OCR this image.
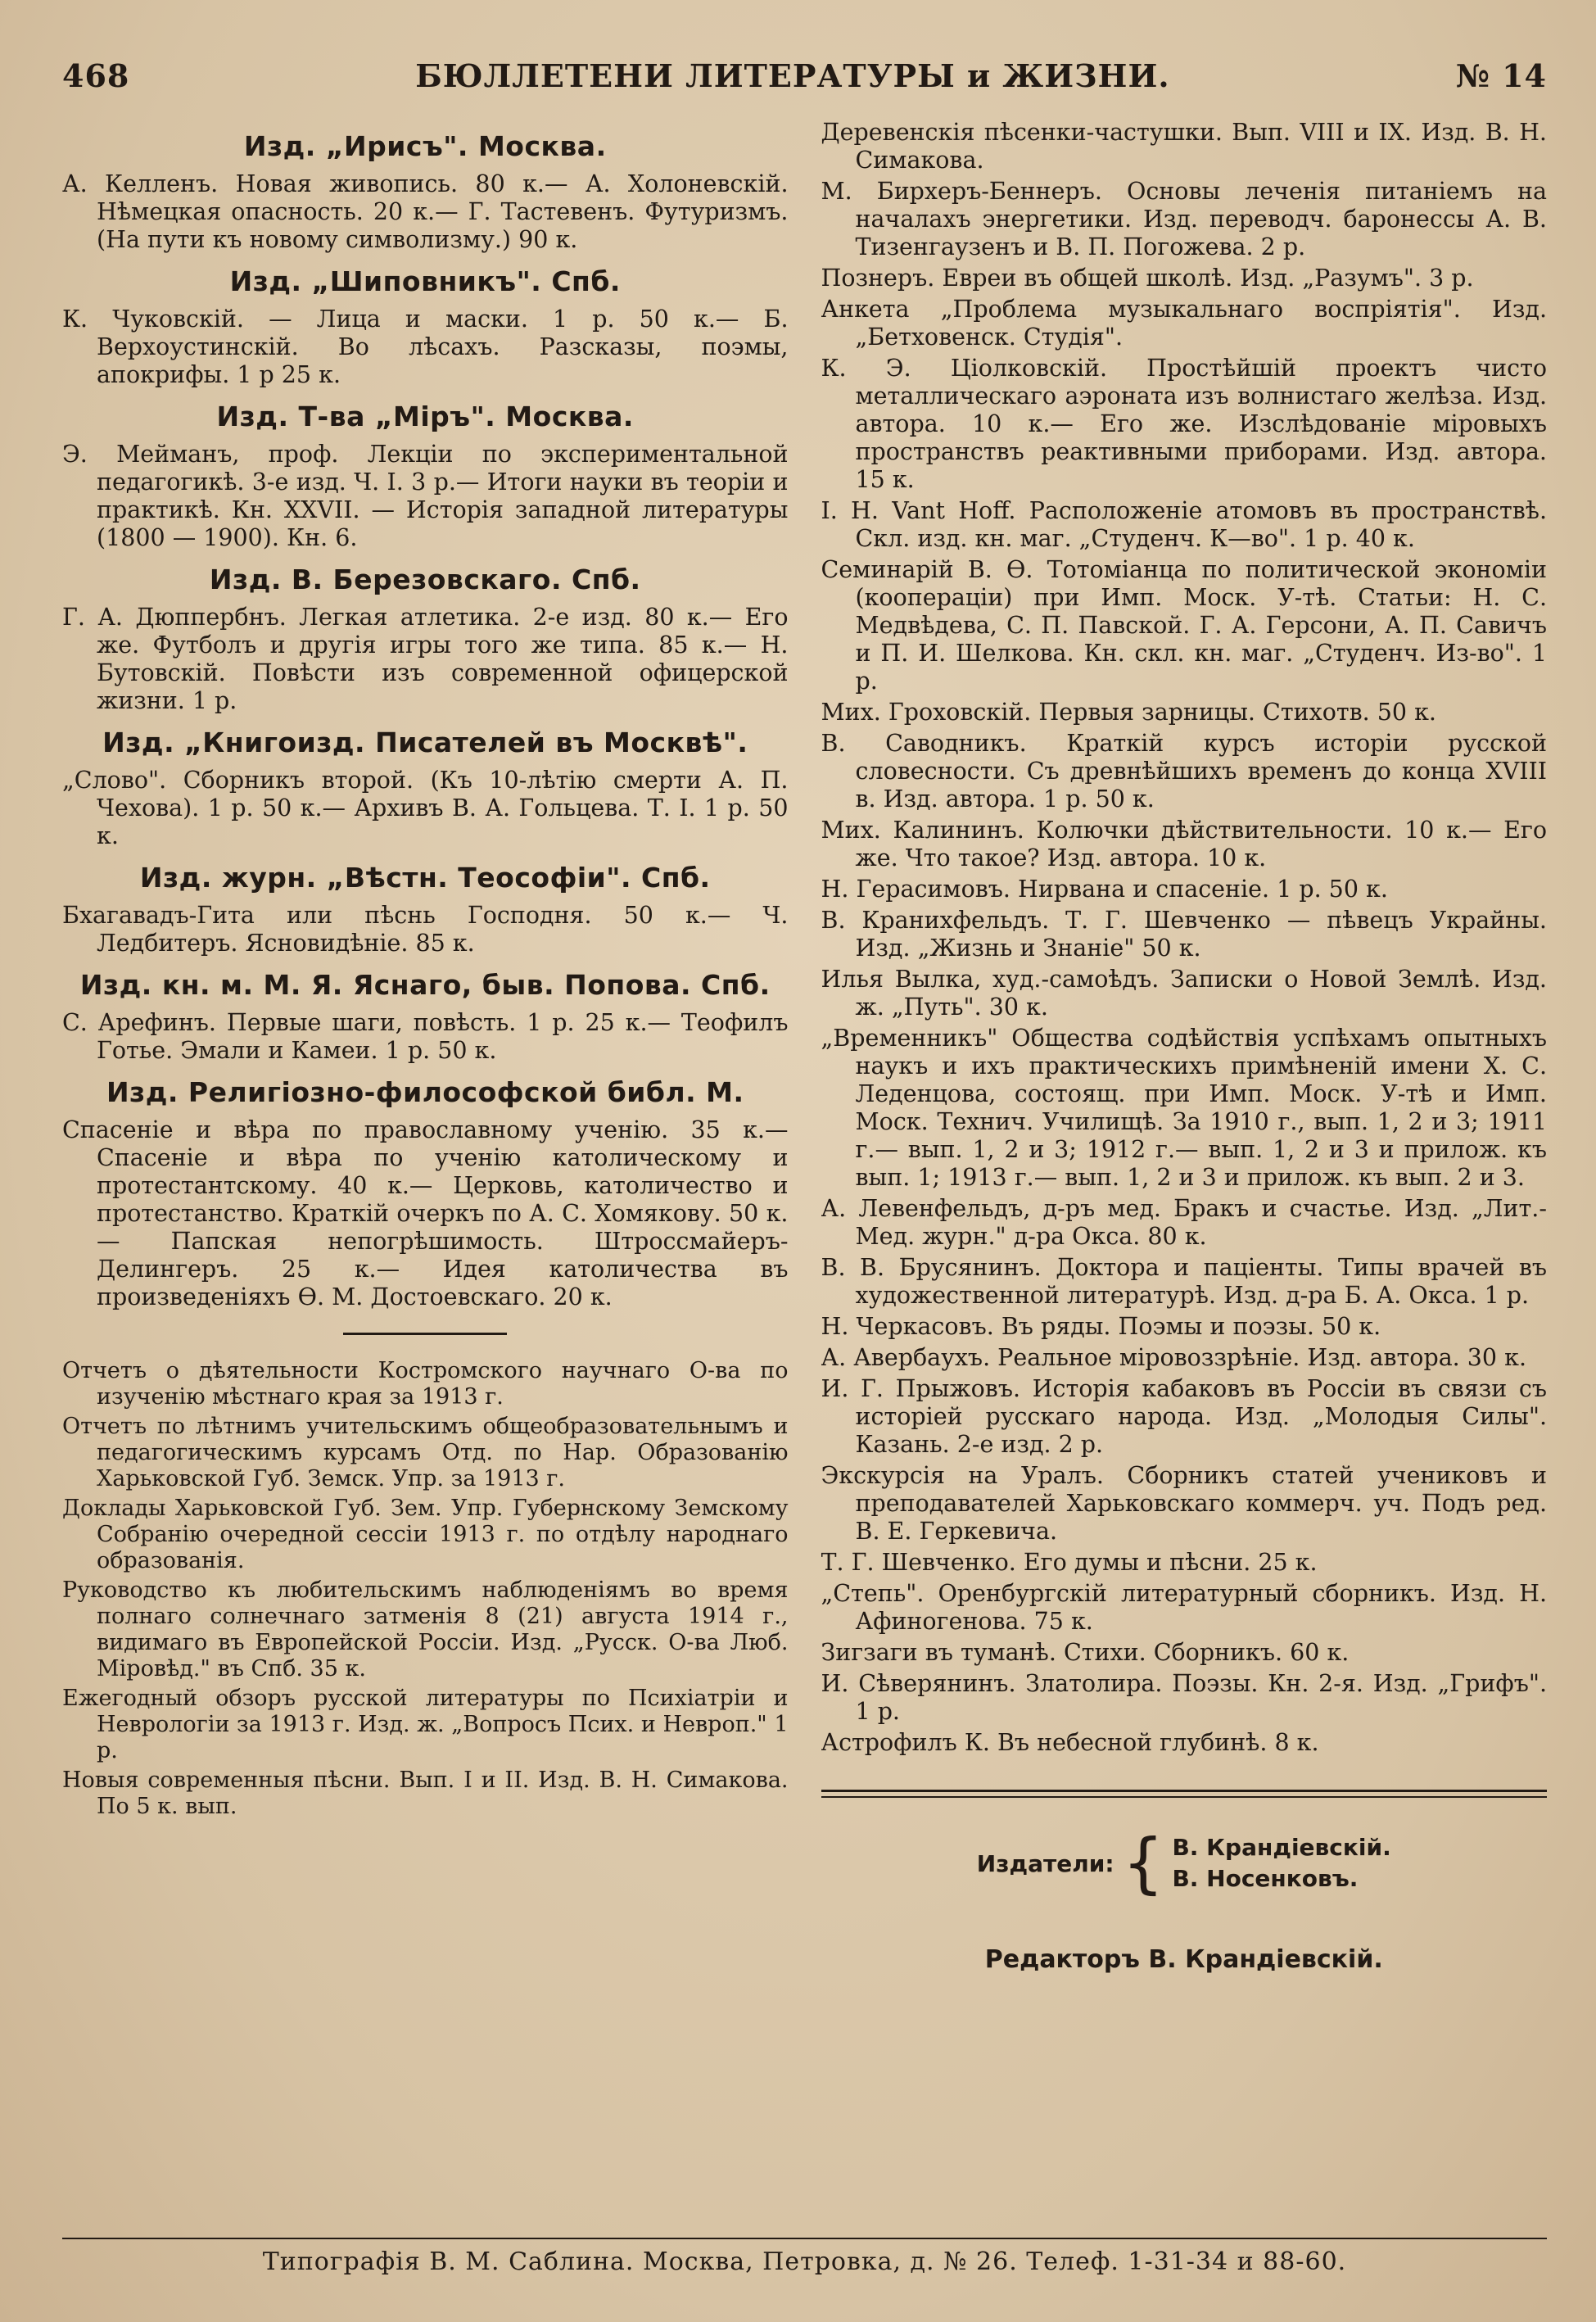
468	БЮЛЛЕТЕНИ ЛИТЕРАТУРЫ и ЖИЗНИ.	№ 14
Изд. „Ирисъ". Москва.
А. Келленъ. Новая живопись. 80 к.— А. Холоневскій. Нѣмецкая опасность. 20 к.— Г. Тастевенъ. Футуризмъ. (На пути къ новому символизму.) 90 к.
Изд. „Шиповникъ". Спб.
К. Чуковскій. — Лица и маски. 1 р. 50 к.— Б. Верхоустинскій. Во лѣсахъ. Разсказы, поэмы, апокрифы. 1 р 25 к.
Изд. Т-ва „Міръ". Москва.
Э. Мейманъ, проф. Лекціи по экспериментальной педагогикѣ. 3-е изд. Ч. I. 3 р.— Итоги науки въ теоріи и практикѣ. Кн. XXVII. — Исторія западной литературы (1800 — 1900). Кн. 6.
Изд. В. Березовскаго. Спб.
Г. А. Дюппербнъ. Легкая атлетика. 2-е изд. 80 к.— Его же. Футболъ и другія игры того же типа. 85 к.— Н. Бутовскій. Повѣсти изъ современной офицерской жизни. 1 р.
Изд. „Книгоизд. Писателей въ Москвѣ".
„Слово". Сборникъ второй. (Къ 10-лѣтію смерти А. П. Чехова). 1 р. 50 к.— Архивъ В. А. Гольцева. Т. I. 1 р. 50 к.
Изд. журн. „Вѣстн. Теософіи". Спб.
Бхагавадъ-Гита или пѣснь Господня. 50 к.— Ч. Ледбитеръ. Ясновидѣніе. 85 к.
Изд. кн. м. М. Я. Яснаго, быв. Попова. Спб.
С. Арефинъ. Первые шаги, повѣсть. 1 р. 25 к.— Теофилъ Готье. Эмали и Камеи. 1 р. 50 к.
Изд. Религіозно-философской библ. М.
Спасеніе и вѣра по православному ученію. 35 к.— Спасеніе и вѣра по ученію католическому и протестантскому. 40 к.— Церковь, католичество и протестанство. Краткій очеркъ по А. С. Хомякову. 50 к.— Папская непогрѣшимость. Штроссмайеръ-Делингеръ. 25 к.— Идея католичества въ произведеніяхъ Ѳ. М. Достоевскаго. 20 к.
Отчетъ о дѣятельности Костромского научнаго О-ва по изученію мѣстнаго края за 1913 г.
Отчетъ по лѣтнимъ учительскимъ общеобразовательнымъ и педагогическимъ курсамъ Отд. по Нар. Образованію Харьковской Губ. Земск. Упр. за 1913 г.
Доклады Харьковской Губ. Зем. Упр. Губернскому Земскому Собранію очередной сессіи 1913 г. по отдѣлу народнаго образованія.
Руководство къ любительскимъ наблюденіямъ во время полнаго солнечнаго затменія 8 (21) августа 1914 г., видимаго въ Европейской Россіи. Изд. „Русск. О-ва Люб. Міровѣд." въ Спб. 35 к.
Ежегодный обзоръ русской литературы по Психіатріи и Неврологіи за 1913 г. Изд. ж. „Вопросъ Псих. и Невроп." 1 р.
Новыя современныя пѣсни. Вып. I и II. Изд. В. Н. Симакова. По 5 к. вып.
Деревенскія пѣсенки-частушки. Вып. VIII и IX. Изд. В. Н. Симакова.
М. Бирхеръ-Беннеръ. Основы леченія питаніемъ на началахъ энергетики. Изд. переводч. баронессы А. В. Тизенгаузенъ и В. П. Погожева. 2 р.
Познеръ. Евреи въ общей школѣ. Изд. „Разумъ". 3 р.
Анкета „Проблема музыкальнаго воспріятія". Изд. „Бетховенск. Студія".
К. Э. Ціолковскій. Простѣйшій проектъ чисто металлическаго аэроната изъ волнистаго желѣза. Изд. автора. 10 к.— Его же. Изслѣдованіе міровыхъ пространствъ реактивными приборами. Изд. автора. 15 к.
I. H. Vant Hoff. Расположеніе атомовъ въ пространствѣ. Скл. изд. кн. маг. „Студенч. К—во". 1 р. 40 к.
Семинарій В. Ѳ. Тотоміанца по политической экономіи (коопераціи) при Имп. Моск. У-тѣ. Статьи: Н. С. Медвѣдева, С. П. Павской. Г. А. Герсони, А. П. Савичъ и П. И. Шелкова. Кн. скл. кн. маг. „Студенч. Из-во". 1 р.
Мих. Гроховскій. Первыя зарницы. Стихотв. 50 к.
В. Саводникъ. Краткій курсъ исторіи русской словесности. Съ древнѣйшихъ временъ до конца XVIII в. Изд. автора. 1 р. 50 к.
Мих. Калининъ. Колючки дѣйствительности. 10 к.— Его же. Что такое? Изд. автора. 10 к.
Н. Герасимовъ. Нирвана и спасеніе. 1 р. 50 к.
В. Кранихфельдъ. Т. Г. Шевченко — пѣвецъ Украйны. Изд. „Жизнь и Знаніе" 50 к.
Илья Вылка, худ.-самоѣдъ. Записки о Новой Землѣ. Изд. ж. „Путь". 30 к.
„Временникъ" Общества содѣйствія успѣхамъ опытныхъ наукъ и ихъ практическихъ примѣненій имени Х. С. Леденцова, состоящ. при Имп. Моск. У-тѣ и Имп. Моск. Технич. Училищѣ. За 1910 г., вып. 1, 2 и 3; 1911 г.— вып. 1, 2 и 3; 1912 г.— вып. 1, 2 и 3 и прилож. къ вып. 1; 1913 г.— вып. 1, 2 и 3 и прилож. къ вып. 2 и 3.
А. Левенфельдъ, д-ръ мед. Бракъ и счастье. Изд. „Лит.-Мед. журн." д-ра Окса. 80 к.
В. В. Брусянинъ. Доктора и паціенты. Типы врачей въ художественной литературѣ. Изд. д-ра Б. А. Окса. 1 р.
Н. Черкасовъ. Въ ряды. Поэмы и поэзы. 50 к.
А. Авербаухъ. Реальное міровоззрѣніе. Изд. автора. 30 к.
И. Г. Прыжовъ. Исторія кабаковъ въ Россіи въ связи съ исторіей русскаго народа. Изд. „Молодыя Силы". Казань. 2-е изд. 2 р.
Экскурсія на Уралъ. Сборникъ статей учениковъ и преподавателей Харьковскаго коммерч. уч. Подъ ред. В. Е. Геркевича.
Т. Г. Шевченко. Его думы и пѣсни. 25 к.
„Степь". Оренбургскій литературный сборникъ. Изд. Н. Афиногенова. 75 к.
Зигзаги въ туманѣ. Стихи. Сборникъ. 60 к.
И. Сѣверянинъ. Златолира. Поэзы. Кн. 2-я. Изд. „Грифъ". 1 р.
Астрофилъ К. Въ небесной глубинѣ. 8 к.
Издатели: { В. Крандіевскій.
В. Носенковъ.
Редакторъ В. Крандіевскій.
Типографія В. М. Саблина. Москва, Петровка, д. № 26. Телеф. 1-31-34 и 88-60.
